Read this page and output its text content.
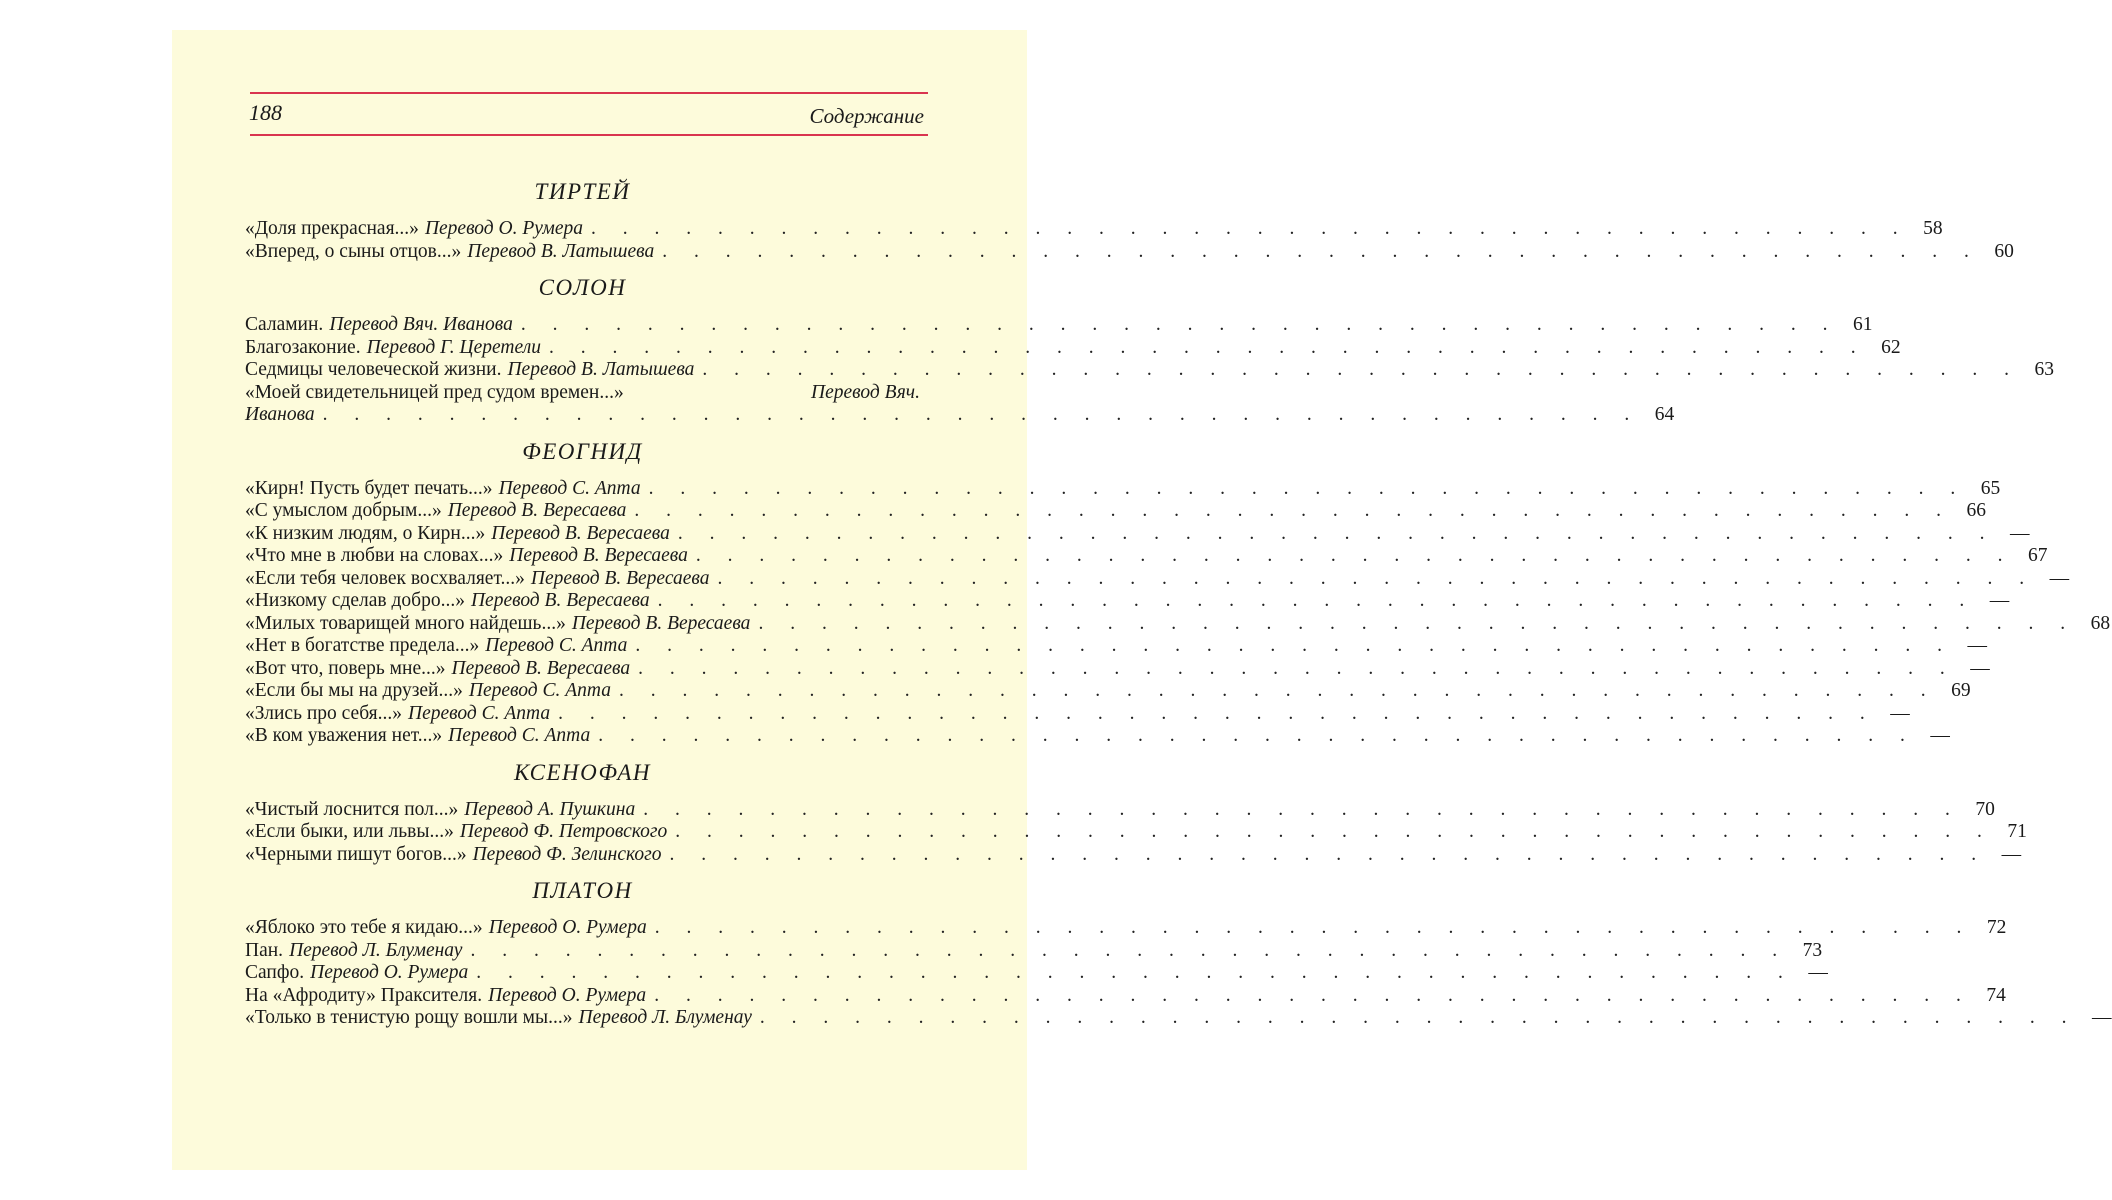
188	Содержание
ТИРТЕЙ
«Доля прекрасная...» Перевод О. Румера . . . . . . . . . . . . . . . . . . . . . . . . . . . . . . . . . . . . . . . . . . 58
«Вперед, о сыны отцов...» Перевод В. Латышева . . . . . . . . . . . . . . . . . . . . . . . . . . . . . . . . . . . . . . . . . . 60
СОЛОН
Саламин. Перевод Вяч. Иванова . . . . . . . . . . . . . . . . . . . . . . . . . . . . . . . . . . . . . . . . . . 61
Благозаконие. Перевод Г. Церетели . . . . . . . . . . . . . . . . . . . . . . . . . . . . . . . . . . . . . . . . . . 62
Седмицы человеческой жизни. Перевод В. Латышева . . . . . . . . . . . . . . . . . . . . . . . . . . . . . . . . . . . . . . . . . . 63
«Моей свидетельницей пред судом времен...»	Перевод Вяч.
Иванова . . . . . . . . . . . . . . . . . . . . . . . . . . . . . . . . . . . . . . . . . . 64
ФЕОГНИД
«Кирн! Пусть будет печать...» Перевод С. Апта . . . . . . . . . . . . . . . . . . . . . . . . . . . . . . . . . . . . . . . . . . 65
«С умыслом добрым...» Перевод В. Вересаева . . . . . . . . . . . . . . . . . . . . . . . . . . . . . . . . . . . . . . . . . . 66
«К низким людям, о Кирн...» Перевод В. Вересаева . . . . . . . . . . . . . . . . . . . . . . . . . . . . . . . . . . . . . . . . . . —
«Что мне в любви на словах...» Перевод В. Вересаева . . . . . . . . . . . . . . . . . . . . . . . . . . . . . . . . . . . . . . . . . . 67
«Если тебя человек восхваляет...» Перевод В. Вересаева . . . . . . . . . . . . . . . . . . . . . . . . . . . . . . . . . . . . . . . . . . —
«Низкому сделав добро...» Перевод В. Вересаева . . . . . . . . . . . . . . . . . . . . . . . . . . . . . . . . . . . . . . . . . . —
«Милых товарищей много найдешь...» Перевод В. Вересаева . . . . . . . . . . . . . . . . . . . . . . . . . . . . . . . . . . . . . . . . . . 68
«Нет в богатстве предела...» Перевод С. Апта . . . . . . . . . . . . . . . . . . . . . . . . . . . . . . . . . . . . . . . . . . —
«Вот что, поверь мне...» Перевод В. Вересаева . . . . . . . . . . . . . . . . . . . . . . . . . . . . . . . . . . . . . . . . . . —
«Если бы мы на друзей...» Перевод С. Апта . . . . . . . . . . . . . . . . . . . . . . . . . . . . . . . . . . . . . . . . . . 69
«Злись про себя...» Перевод С. Апта . . . . . . . . . . . . . . . . . . . . . . . . . . . . . . . . . . . . . . . . . . —
«В ком уважения нет...» Перевод С. Апта . . . . . . . . . . . . . . . . . . . . . . . . . . . . . . . . . . . . . . . . . . —
КСЕНОФАН
«Чистый лоснится пол...» Перевод А. Пушкина . . . . . . . . . . . . . . . . . . . . . . . . . . . . . . . . . . . . . . . . . . 70
«Если быки, или львы...» Перевод Ф. Петровского . . . . . . . . . . . . . . . . . . . . . . . . . . . . . . . . . . . . . . . . . . 71
«Черными пишут богов...» Перевод Ф. Зелинского . . . . . . . . . . . . . . . . . . . . . . . . . . . . . . . . . . . . . . . . . . —
ПЛАТОН
«Яблоко это тебе я кидаю...» Перевод О. Румера . . . . . . . . . . . . . . . . . . . . . . . . . . . . . . . . . . . . . . . . . . 72
Пан. Перевод Л. Блуменау . . . . . . . . . . . . . . . . . . . . . . . . . . . . . . . . . . . . . . . . . . 73
Сапфо. Перевод О. Румера . . . . . . . . . . . . . . . . . . . . . . . . . . . . . . . . . . . . . . . . . . —
На «Афродиту» Праксителя. Перевод О. Румера . . . . . . . . . . . . . . . . . . . . . . . . . . . . . . . . . . . . . . . . . . 74
«Только в тенистую рощу вошли мы...» Перевод Л. Блуменау . . . . . . . . . . . . . . . . . . . . . . . . . . . . . . . . . . . . . . . . . . —
